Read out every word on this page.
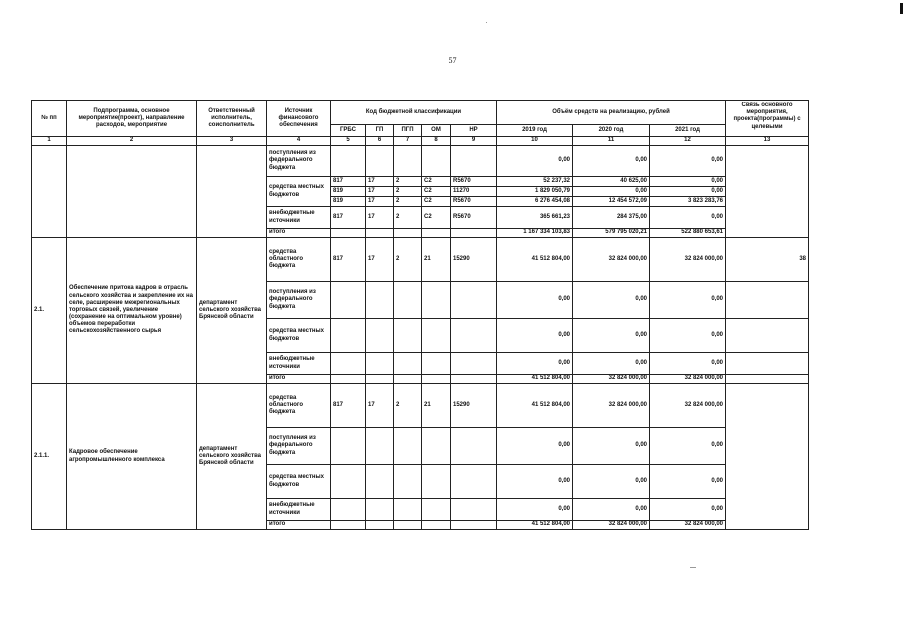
57
№ пп	Подпрограмма, основное мероприятие(проект), направление расходов, мероприятие	Ответственный исполнитель, соисполнитель	Источник финансового обеспечения	Код бюджетной классификации					Объём средств на реализацию, рублей			Связь основного мероприятия, проекта(программы) с целевыми

				ГРБС	ГП	ПГП	ОМ	НР	2019 год	2020 год	2021 год	
1	2	3	4	5	6	7	8	9	10	11	12	13
			поступления из федерального бюджета						0,00	0,00	0,00	
			средства местных бюджетов	817	17	2	С2	R5670	52 237,32	40 625,00	0,00	
				819	17	2	С2	11270	1 829 050,79	0,00	0,00	
				819	17	2	С2	R5670	6 276 454,08	12 454 572,09	3 823 283,76	
			внебюджетные источники	817	17	2	С2	R5670	365 661,23	284 375,00	0,00	
			итого						1 167 334 103,83	579 795 020,21	522 880 653,61	
2.1.	Обеспечение притока кадров в отрасль сельского хозяйства и закрепление их на селе, расширение межрегиональных торговых связей, увеличение (сохранение на оптимальном уровне) объемов переработки сельскохозяйственного сырья	департамент сельского хозяйства Брянской области	средства областного бюджета	817	17	2	21	15290	41 512 804,00	32 824 000,00	32 824 000,00	38
			поступления из федерального бюджета						0,00	0,00	0,00	
			средства местных бюджетов						0,00	0,00	0,00	
			внебюджетные источники						0,00	0,00	0,00	
			итого						41 512 804,00	32 824 000,00	32 824 000,00	
2.1.1.	Кадровое обеспечение агропромышленного комплекса	департамент сельского хозяйства Брянской области	средства областного бюджета	817	17	2	21	15290	41 512 804,00	32 824 000,00	32 824 000,00	
			поступления из федерального бюджета						0,00	0,00	0,00	
			средства местных бюджетов						0,00	0,00	0,00	
			внебюджетные источники						0,00	0,00	0,00	
			итого						41 512 804,00	32 824 000,00	32 824 000,00	
